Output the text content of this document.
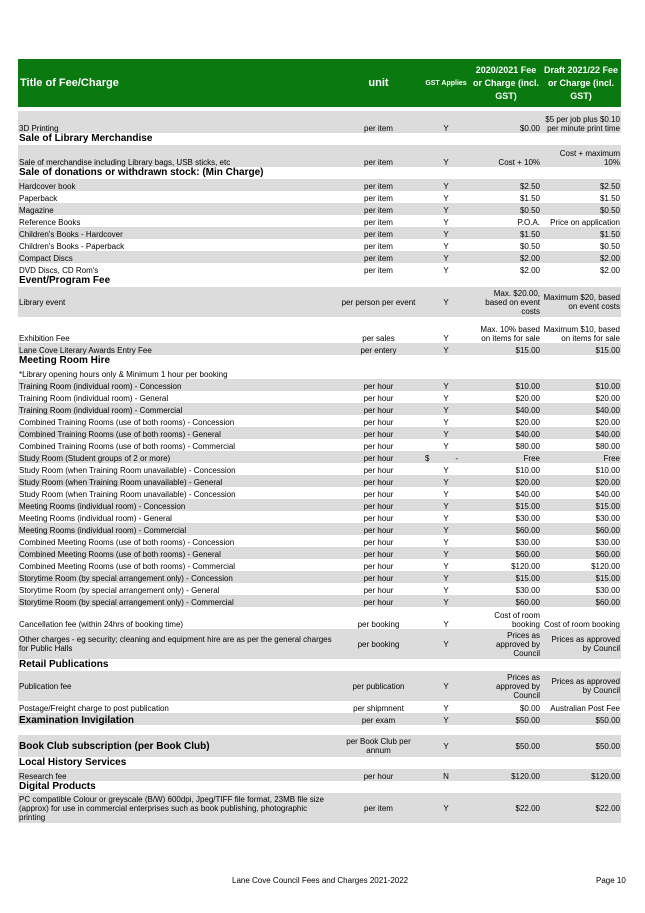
Title of Fee/Charge	unit	GST Applies	2020/2021 Fee or Charge (incl. GST)	Draft 2021/22 Fee or Charge (incl. GST)

3D Printing	per item	Y	$0.00	$5 per job plus $0.10 per minute print time
Sale of Library Merchandise				
Sale of merchandise including Library bags, USB sticks, etc	per item	Y	Cost + 10%	Cost + maximum 10%
Sale of donations or withdrawn stock: (Min Charge)				
Hardcover book	per item	Y	$2.50	$2.50
Paperback	per item	Y	$1.50	$1.50
Magazine	per item	Y	$0.50	$0.50
Reference Books	per item	Y	P.O.A.	Price on application
Children's Books - Hardcover	per item	Y	$1.50	$1.50
Children's Books - Paperback	per item	Y	$0.50	$0.50
Compact Discs	per item	Y	$2.00	$2.00
DVD Discs, CD Rom's	per item	Y	$2.00	$2.00
Event/Program Fee				
Library event	per person per event	Y	Max. $20.00, based on event costs	Maximum $20, based on event costs

Exhibition Fee	per sales	Y	Max. 10% based on items for sale	Maximum $10, based on items for sale
Lane Cove Literary Awards Entry Fee	per entery	Y	$15.00	$15.00
Meeting Room Hire				
*Library opening hours only & Minimum 1 hour per booking				
Training Room (individual room) - Concession	per hour	Y	$10.00	$10.00
Training Room (individual room) - General	per hour	Y	$20.00	$20.00
Training Room (individual room) - Commercial	per hour	Y	$40.00	$40.00
Combined Training Rooms (use of both rooms) - Concession	per hour	Y	$20.00	$20.00
Combined Training Rooms (use of both rooms) - General	per hour	Y	$40.00	$40.00
Combined Training Rooms (use of both rooms) - Commercial	per hour	Y	$80.00	$80.00
Study Room (Student groups of 2 or more)	per hour	$ -	Free	Free
Study Room (when Training Room unavailable) - Concession	per hour	Y	$10.00	$10.00
Study Room (when Training Room unavailable) - General	per hour	Y	$20.00	$20.00
Study Room (when Training Room unavailable) - Concession	per hour	Y	$40.00	$40.00
Meeting Rooms (individual room) - Concession	per hour	Y	$15.00	$15.00
Meeting Rooms (individual room) - General	per hour	Y	$30.00	$30.00
Meeting Rooms (individual room) - Commercial	per hour	Y	$60.00	$60.00
Combined Meeting Rooms (use of both rooms) - Concession	per hour	Y	$30.00	$30.00
Combined Meeting Rooms (use of both rooms) - General	per hour	Y	$60.00	$60.00
Combined Meeting Rooms (use of both rooms) - Commercial	per hour	Y	$120.00	$120.00
Storytime Room (by special arrangement only) - Concession	per hour	Y	$15.00	$15.00
Storytime Room (by special arrangement only) - General	per hour	Y	$30.00	$30.00
Storytime Room (by special arrangement only) - Commercial	per hour	Y	$60.00	$60.00
Cancellation fee (within 24hrs of booking time)	per booking	Y	Cost of room booking	Cost of room booking
Other charges - eg security; cleaning and equipment hire are as per the general charges for Public Halls	per booking	Y	Prices as approved by Council	Prices as approved by Council
Retail Publications				
Publication fee	per publication	Y	Prices as approved by Council	Prices as approved by Council
Postage/Freight charge to post publication	per shipmnent	Y	$0.00	Australian Post Fee
Examination Invigilation	per exam	Y	$50.00	$50.00

Book Club subscription (per Book Club)	per Book Club per annum	Y	$50.00	$50.00
Local History Services				
Research fee	per hour	N	$120.00	$120.00
Digital Products				
PC compatible Colour or greyscale (B/W) 600dpi, Jpeg/TIFF file format, 23MB file size (approx) for use in commercial enterprises such as book publishing, photographic printing	per item	Y	$22.00	$22.00
Lane Cove Council Fees and Charges 2021-2022	Page 10
